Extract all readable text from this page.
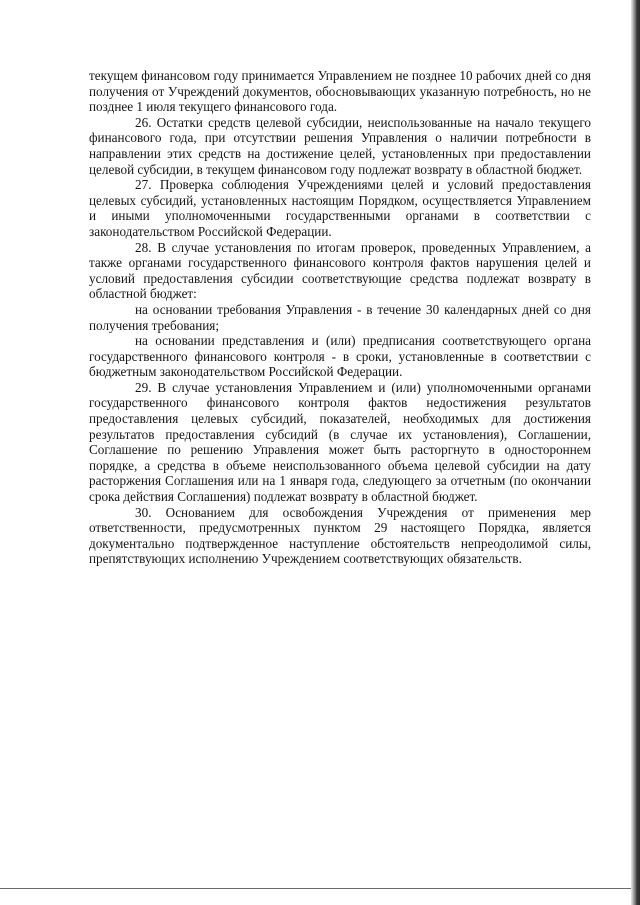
текущем финансовом году принимается Управлением не позднее 10 рабочих дней со дня получения от Учреждений документов, обосновывающих указанную потребность, но не позднее 1 июля текущего финансового года.

26. Остатки средств целевой субсидии, неиспользованные на начало текущего финансового года, при отсутствии решения Управления о наличии потребности в направлении этих средств на достижение целей, установленных при предоставлении целевой субсидии, в текущем финансовом году подлежат возврату в областной бюджет.

27. Проверка соблюдения Учреждениями целей и условий предоставления целевых субсидий, установленных настоящим Порядком, осуществляется Управлением и иными уполномоченными государственными органами в соответствии с законодательством Российской Федерации.

28. В случае установления по итогам проверок, проведенных Управлением, а также органами государственного финансового контроля фактов нарушения целей и условий предоставления субсидии соответствующие средства подлежат возврату в областной бюджет:

на основании требования Управления - в течение 30 календарных дней со дня получения требования;

на основании представления и (или) предписания соответствующего органа государственного финансового контроля - в сроки, установленные в соответствии с бюджетным законодательством Российской Федерации.

29. В случае установления Управлением и (или) уполномоченными органами государственного финансового контроля фактов недостижения результатов предоставления целевых субсидий, показателей, необходимых для достижения результатов предоставления субсидий (в случае их установления), Соглашении, Соглашение по решению Управления может быть расторгнуто в одностороннем порядке, а средства в объеме неиспользованного объема целевой субсидии на дату расторжения Соглашения или на 1 января года, следующего за отчетным (по окончании срока действия Соглашения) подлежат возврату в областной бюджет.

30. Основанием для освобождения Учреждения от применения мер ответственности, предусмотренных пунктом 29 настоящего Порядка, является документально подтвержденное наступление обстоятельств непреодолимой силы, препятствующих исполнению Учреждением соответствующих обязательств.
